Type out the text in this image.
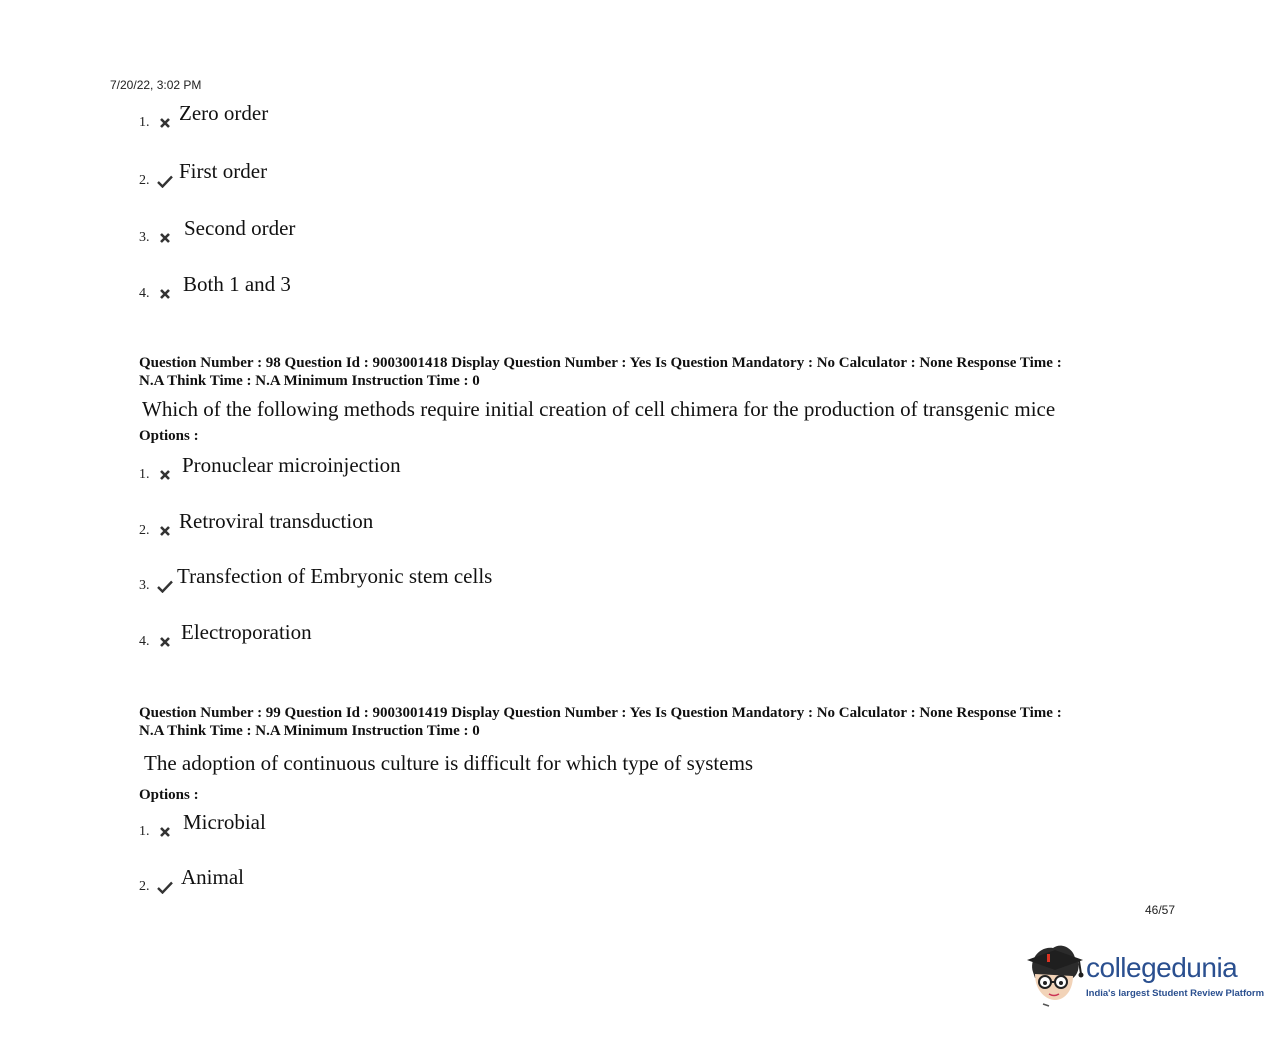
7/20/22, 3:02 PM
1.	Zero order
2.	First order
3.	Second order
4.	Both 1 and 3
Question Number : 98 Question Id : 9003001418 Display Question Number : Yes Is Question Mandatory : No Calculator : None Response Time :
N.A Think Time : N.A Minimum Instruction Time : 0
Which of the following methods require initial creation of cell chimera for the production of transgenic mice
Options :
1.	Pronuclear microinjection
2.	Retroviral transduction
3.	Transfection of Embryonic stem cells
4.	Electroporation
Question Number : 99 Question Id : 9003001419 Display Question Number : Yes Is Question Mandatory : No Calculator : None Response Time :
N.A Think Time : N.A Minimum Instruction Time : 0
The adoption of continuous culture is difficult for which type of systems
Options :
1.	Microbial
2.	Animal
46/57
collegedunia
India's largest Student Review Platform
